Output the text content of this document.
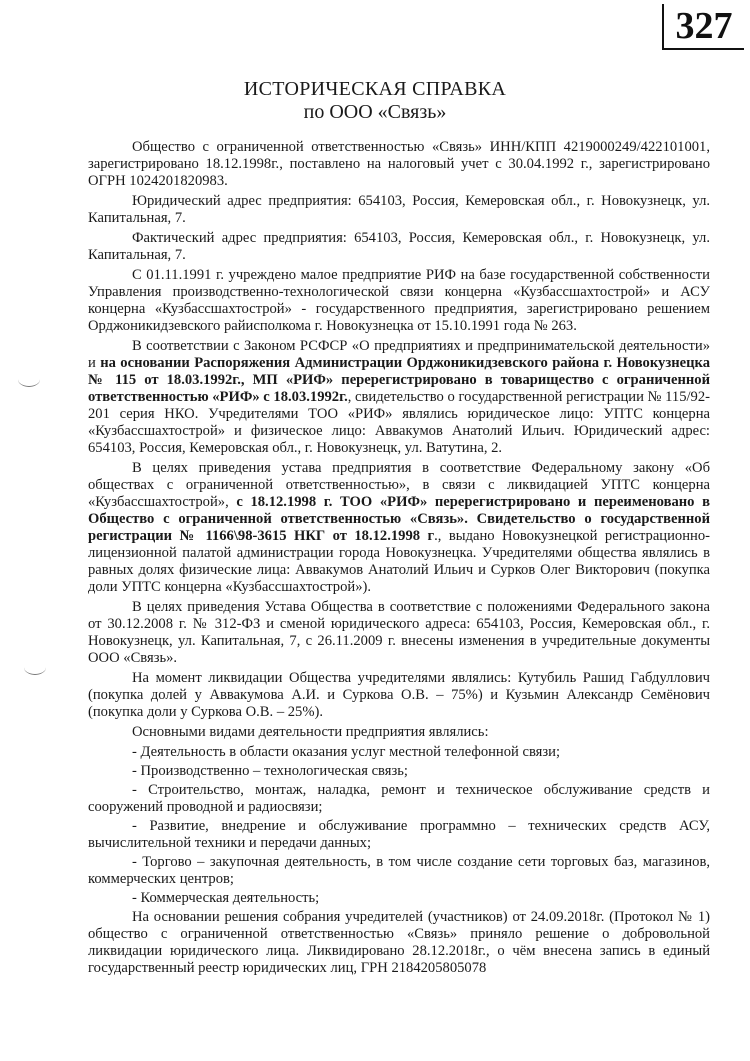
327
ИСТОРИЧЕСКАЯ СПРАВКА
по ООО «Связь»

Общество с ограниченной ответственностью «Связь» ИНН/КПП 4219000249/422101001, зарегистрировано 18.12.1998г., поставлено на налоговый учет с 30.04.1992 г., зарегистрировано ОГРН 1024201820983.

Юридический адрес предприятия: 654103, Россия, Кемеровская обл., г. Новокузнецк, ул. Капитальная, 7.

Фактический адрес предприятия: 654103, Россия, Кемеровская обл., г. Новокузнецк, ул. Капитальная, 7.

С 01.11.1991 г. учреждено малое предприятие РИФ на базе государственной собственности Управления производственно-технологической связи концерна «Кузбассшахтострой» и АСУ концерна «Кузбассшахтострой» - государственного предприятия, зарегистрировано решением Орджоникидзевского райисполкома г. Новокузнецка от 15.10.1991 года № 263.

В соответствии с Законом РСФСР «О предприятиях и предпринимательской деятельности» и на основании Распоряжения Администрации Орджоникидзевского района г. Новокузнецка № 115 от 18.03.1992г., МП «РИФ» перерегистрировано в товарищество с ограниченной ответственностью «РИФ» с 18.03.1992г., свидетельство о государственной регистрации № 115/92-201 серия НКО. Учредителями ТОО «РИФ» являлись юридическое лицо: УПТС концерна «Кузбассшахтострой» и физическое лицо: Аввакумов Анатолий Ильич. Юридический адрес: 654103, Россия, Кемеровская обл., г. Новокузнецк, ул. Ватутина, 2.

В целях приведения устава предприятия в соответствие Федеральному закону «Об обществах с ограниченной ответственностью», в связи с ликвидацией УПТС концерна «Кузбассшахтострой», с 18.12.1998 г. ТОО «РИФ» перерегистрировано и переименовано в Общество с ограниченной ответственностью «Связь». Свидетельство о государственной регистрации № 1166\98-3615 НКГ от 18.12.1998 г., выдано Новокузнецкой регистрационно-лицензионной палатой администрации города Новокузнецка. Учредителями общества являлись в равных долях физические лица: Аввакумов Анатолий Ильич и Сурков Олег Викторович (покупка доли УПТС концерна «Кузбассшахтострой»).

В целях приведения Устава Общества в соответствие с положениями Федерального закона от 30.12.2008 г. № 312-ФЗ и сменой юридического адреса: 654103, Россия, Кемеровская обл., г. Новокузнецк, ул. Капитальная, 7, с 26.11.2009 г. внесены изменения в учредительные документы ООО «Связь».

На момент ликвидации Общества учредителями являлись: Кутубиль Рашид Габдуллович (покупка долей у Аввакумова А.И. и Суркова О.В. – 75%) и Кузьмин Александр Семёнович (покупка доли у Суркова О.В. – 25%).

Основными видами деятельности предприятия являлись:

- Деятельность в области оказания услуг местной телефонной связи;

- Производственно – технологическая связь;

- Строительство, монтаж, наладка, ремонт и техническое обслуживание средств и сооружений проводной и радиосвязи;

- Развитие, внедрение и обслуживание программно – технических средств АСУ, вычислительной техники и передачи данных;

- Торгово – закупочная деятельность, в том числе создание сети торговых баз, магазинов, коммерческих центров;

- Коммерческая деятельность;

На основании решения собрания учредителей (участников) от 24.09.2018г. (Протокол № 1) общество с ограниченной ответственностью «Связь» приняло решение о добровольной ликвидации юридического лица. Ликвидировано 28.12.2018г., о чём внесена запись в единый государственный реестр юридических лиц, ГРН 2184205805078
